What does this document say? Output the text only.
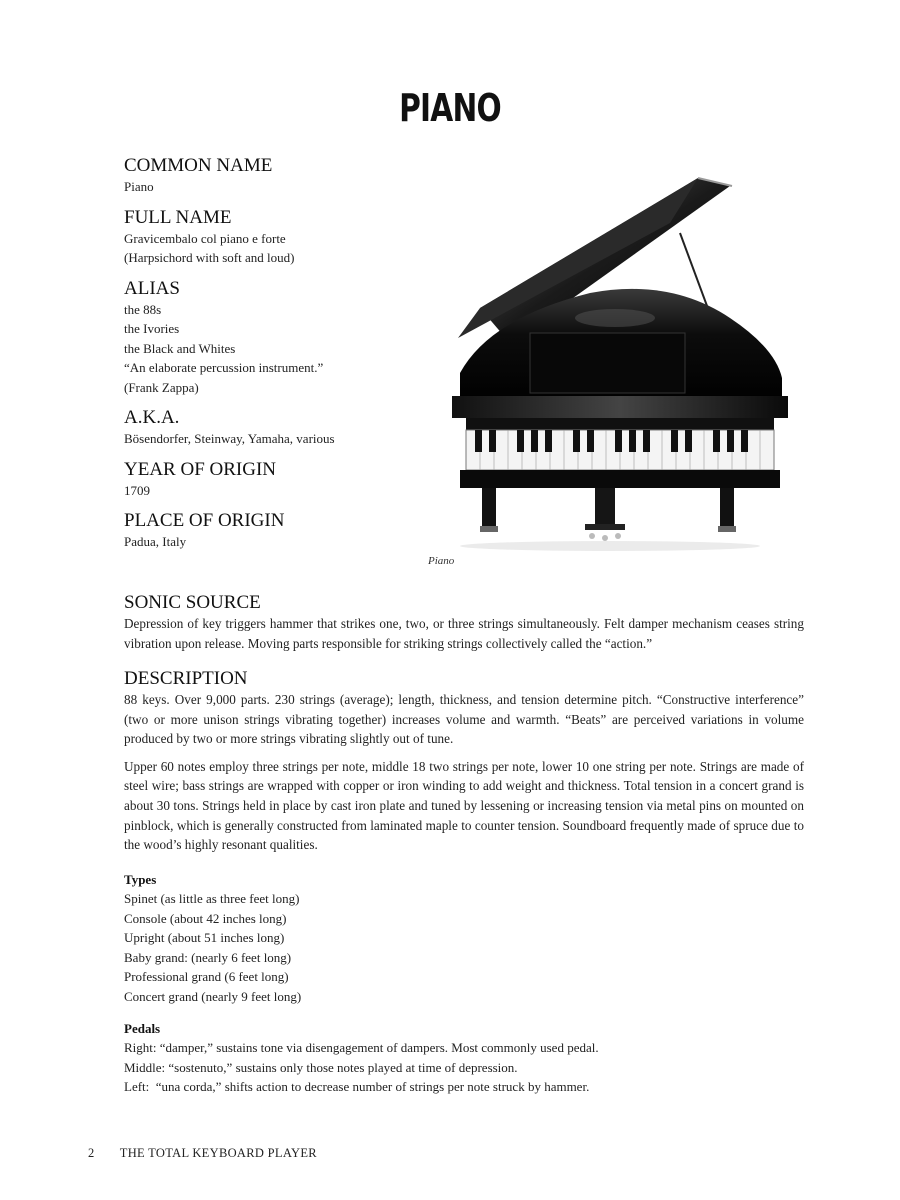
PIANO
COMMON NAME

Piano

FULL NAME

Gravicembalo col piano e forte

(Harpsichord with soft and loud)

ALIAS

the 88s

the Ivories

the Black and Whites

“An elaborate percussion instrument.”

(Frank Zappa)

A.K.A.

Bösendorfer, Steinway, Yamaha, various

YEAR OF ORIGIN

1709

PLACE OF ORIGIN

Padua, Italy

Piano
SONIC SOURCE

Depression of key triggers hammer that strikes one, two, or three strings simultaneously. Felt damper mechanism ceases string vibration upon release. Moving parts responsible for striking strings collectively called the “action.”

DESCRIPTION

88 keys. Over 9,000 parts. 230 strings (average); length, thickness, and tension determine pitch. “Constructive interference” (two or more unison strings vibrating together) increases volume and warmth. “Beats” are perceived variations in volume produced by two or more strings vibrating slightly out of tune.

Upper 60 notes employ three strings per note, middle 18 two strings per note, lower 10 one string per note. Strings are made of steel wire; bass strings are wrapped with copper or iron winding to add weight and thickness. Total tension in a concert grand is about 30 tons. Strings held in place by cast iron plate and tuned by lessening or increasing tension via metal pins on mounted on pinblock, which is generally constructed from laminated maple to counter tension. Soundboard frequently made of spruce due to the wood’s highly resonant qualities.

Types

Spinet (as little as three feet long)

Console (about 42 inches long)

Upright (about 51 inches long)

Baby grand: (nearly 6 feet long)

Professional grand (6 feet long)

Concert grand (nearly 9 feet long)

Pedals

Right: “damper,” sustains tone via disengagement of dampers. Most commonly used pedal.

Middle: “sostenuto,” sustains only those notes played at time of depression.

Left:  “una corda,” shifts action to decrease number of strings per note struck by hammer.

2 THE TOTAL KEYBOARD PLAYER
